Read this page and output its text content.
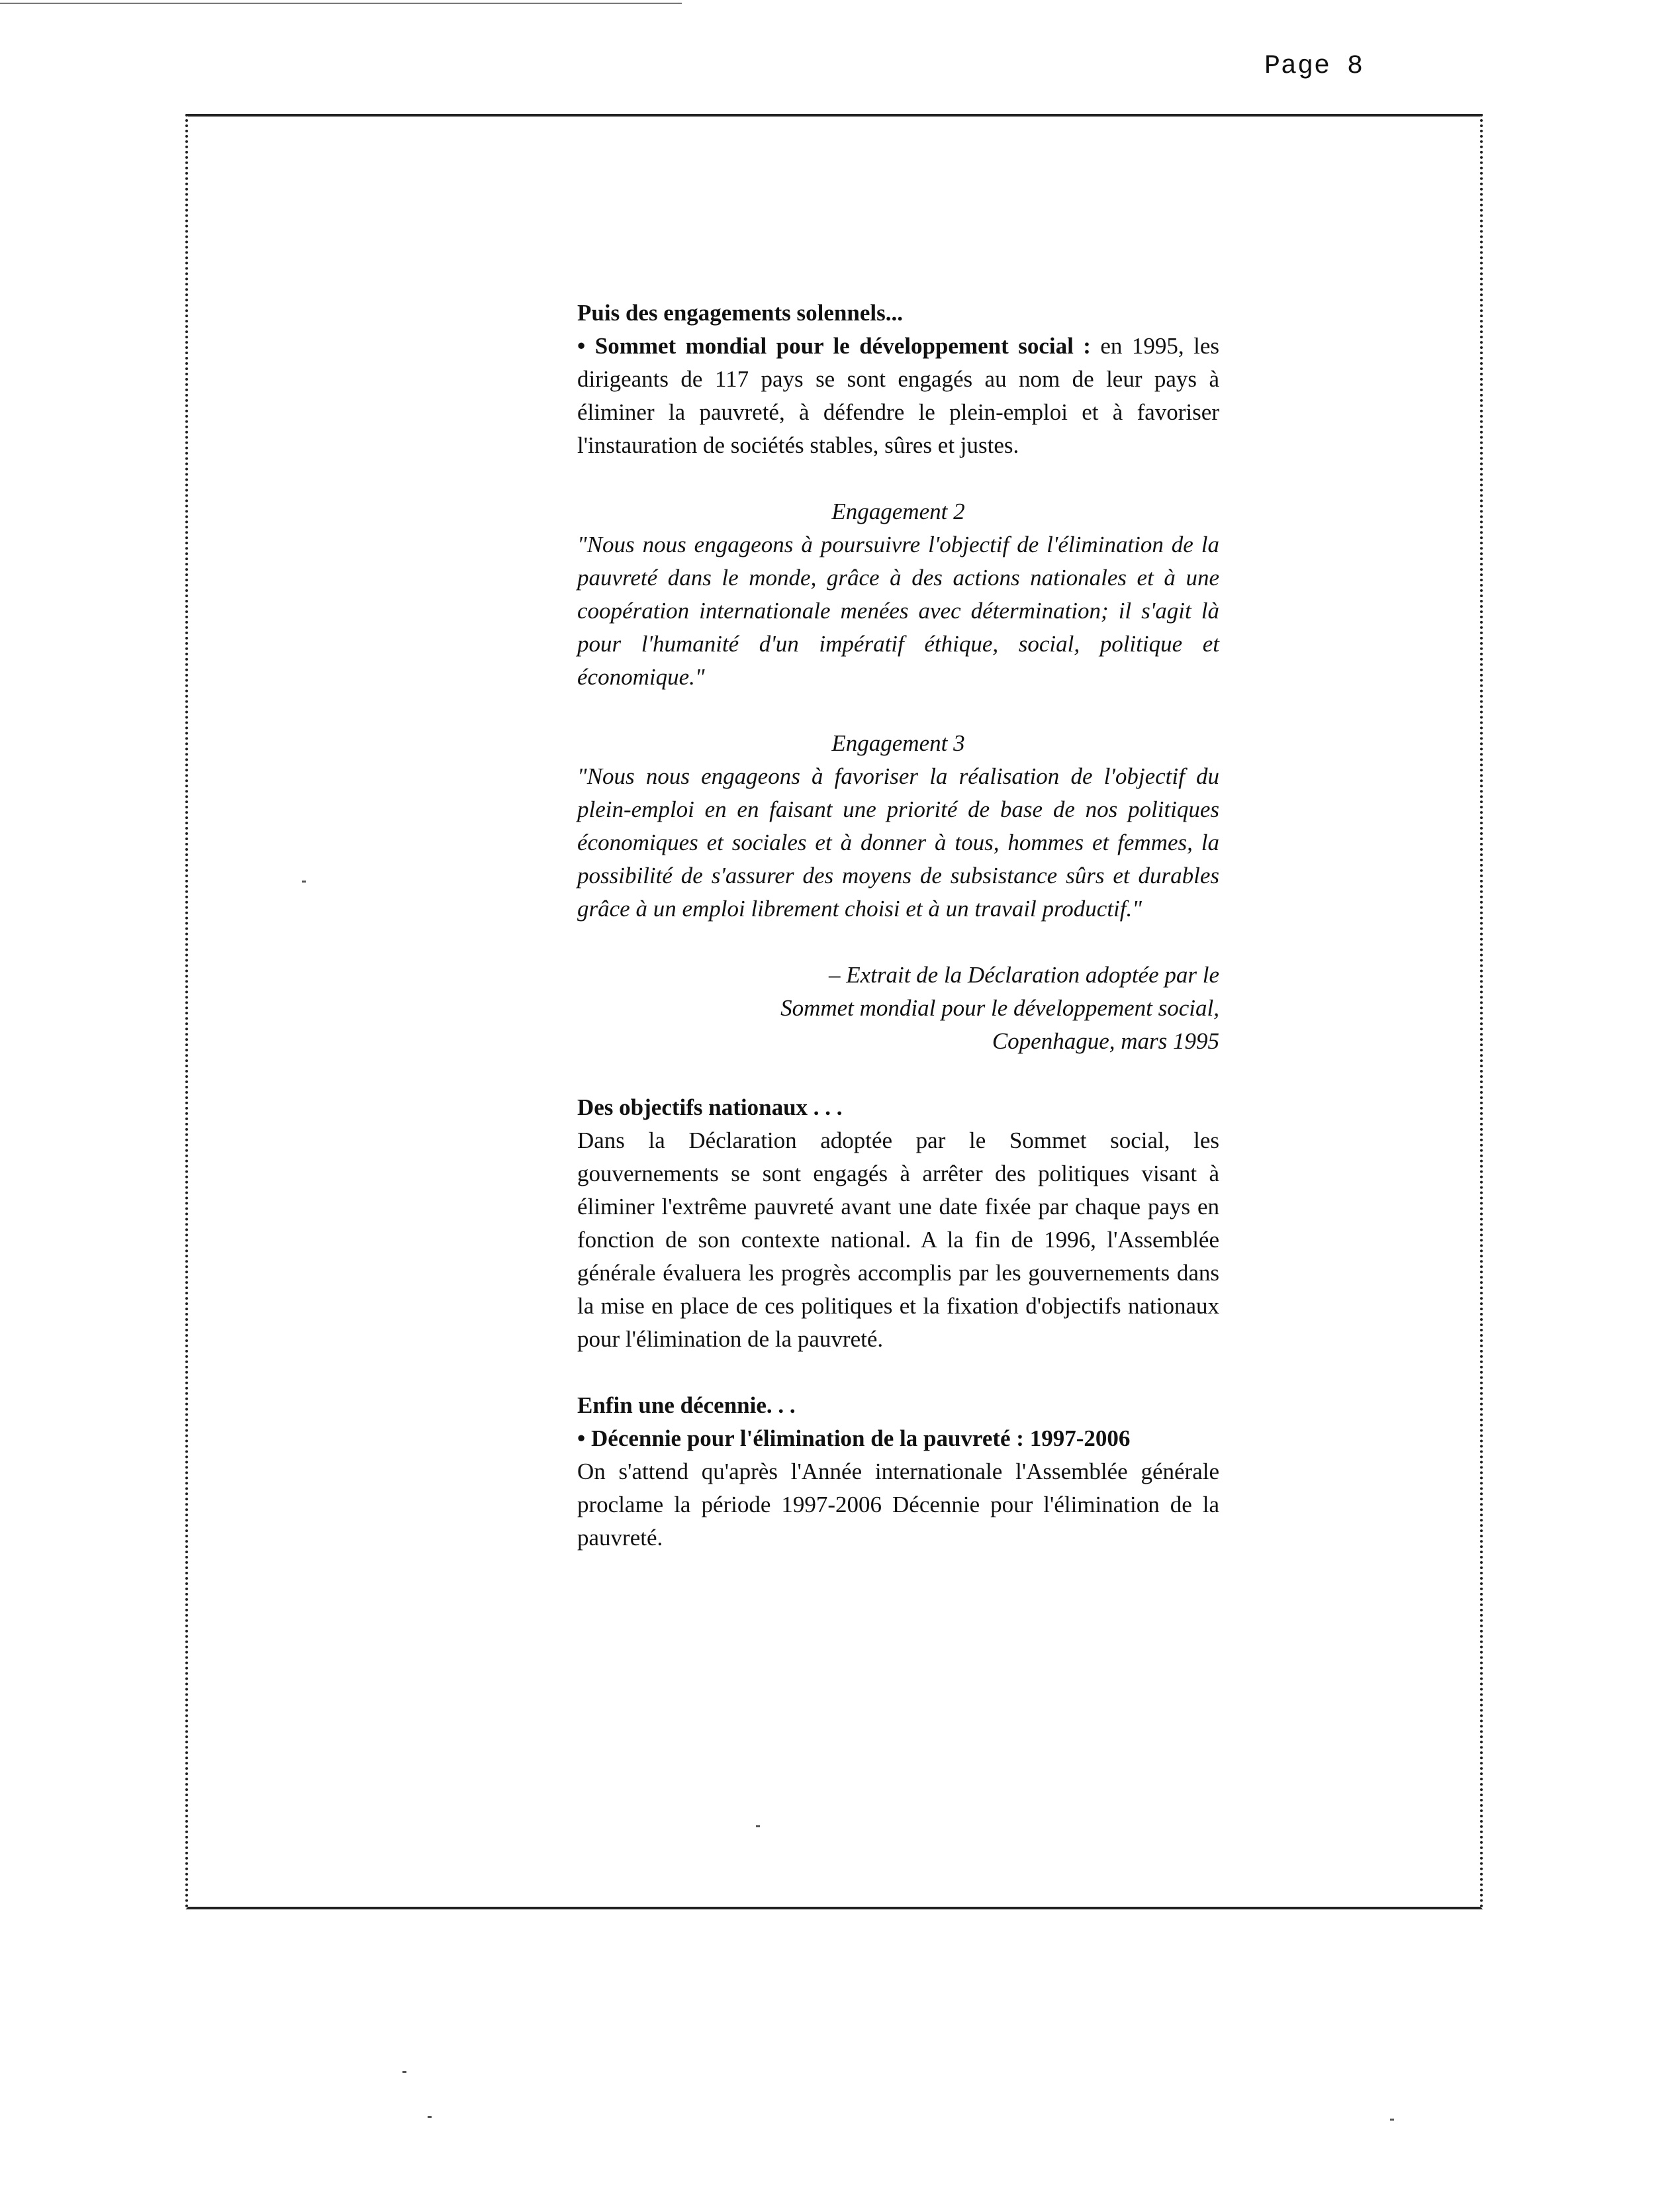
Page 8

Puis des engagements solennels...

• Sommet mondial pour le développement social : en 1995, les dirigeants de 117 pays se sont engagés au nom de leur pays à éliminer la pauvreté, à défendre le plein-emploi et à favoriser l'instauration de sociétés stables, sûres et justes.

Engagement 2

"Nous nous engageons à poursuivre l'objectif de l'élimination de la pauvreté dans le monde, grâce à des actions nationales et à une coopération internationale menées avec détermination; il s'agit là pour l'humanité d'un impératif éthique, social, politique et économique."

Engagement 3

"Nous nous engageons à favoriser la réalisation de l'objectif du plein-emploi en en faisant une priorité de base de nos politiques économiques et sociales et à donner à tous, hommes et femmes, la possibilité de s'assurer des moyens de subsistance sûrs et durables grâce à un emploi librement choisi et à un travail productif."

– Extrait de la Déclaration adoptée par le

Sommet mondial pour le développement social,

Copenhague, mars 1995

Des objectifs nationaux . . .

Dans la Déclaration adoptée par le Sommet social, les gouvernements se sont engagés à arrêter des politiques visant à éliminer l'extrême pauvreté avant une date fixée par chaque pays en fonction de son contexte national. A la fin de 1996, l'Assemblée générale évaluera les progrès accomplis par les gouvernements dans la mise en place de ces politiques et la fixation d'objectifs nationaux pour l'élimination de la pauvreté.

Enfin une décennie. . .

• Décennie pour l'élimination de la pauvreté : 1997-2006

On s'attend qu'après l'Année internationale l'Assemblée générale proclame la période 1997-2006 Décennie pour l'élimination de la pauvreté.
